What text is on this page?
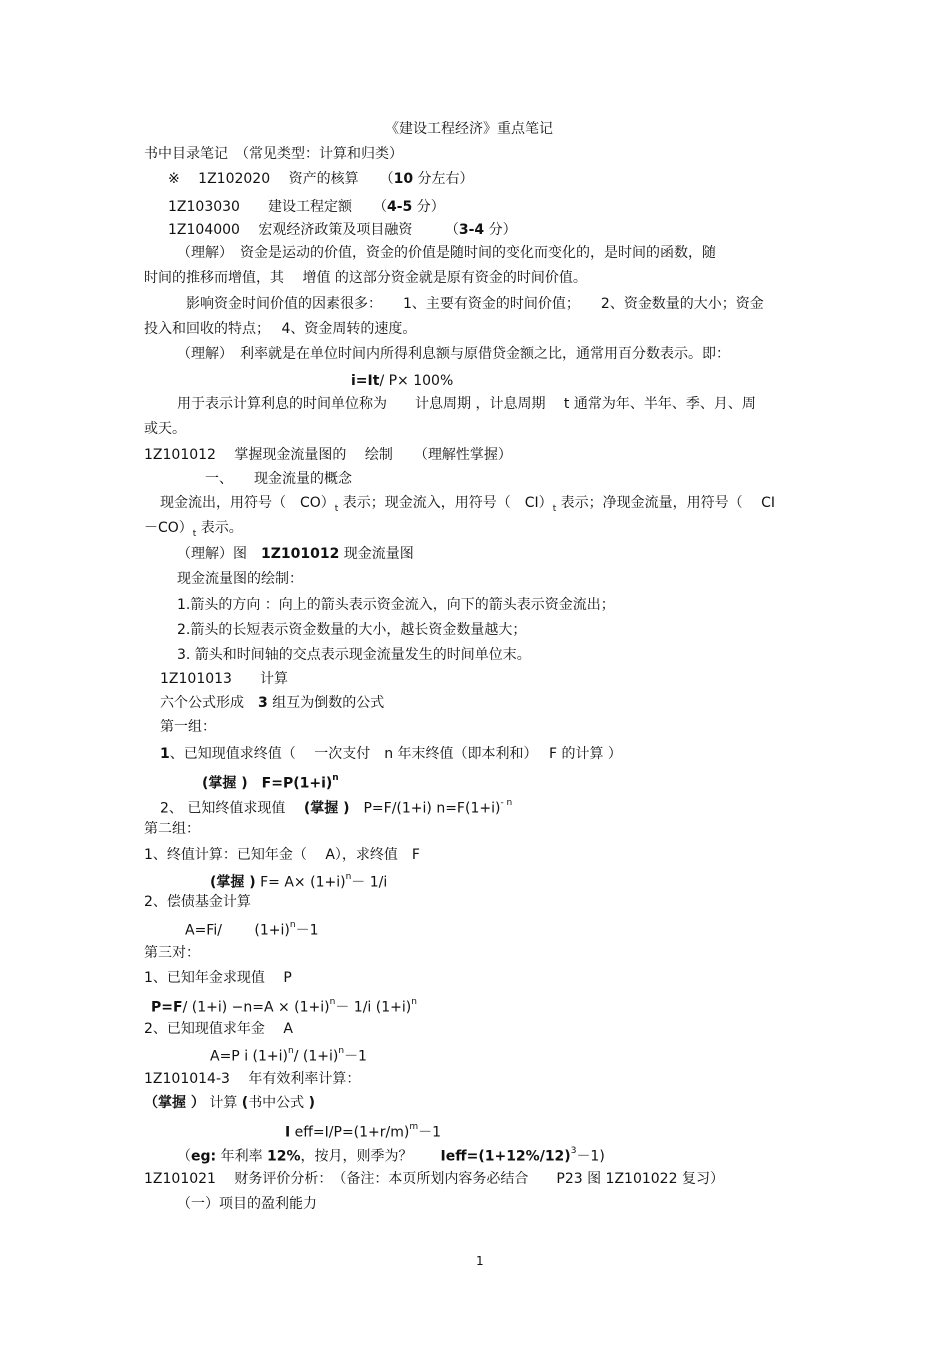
《建设工程经济》重点笔记
书中目录笔记　（常见类型：计算和归类）
※　 1Z102020　 资产的核算　　（10 分左右）
1Z103030　　建设工程定额　　（4-5 分）
1Z104000　 宏观经济政策及项目融资　　 （3-4 分）
（理解）　资金是运动的价值，资金的价值是随时间的变化而变化的，是时间的函数，随
时间的推移而增值，其　 增值 的这部分资金就是原有资金的时间价值。
影响资金时间价值的因素很多：　　1、主要有资金的时间价值；　　2、资金数量的大小；资金
投入和回收的特点；　 4、资金周转的速度。
（理解）　利率就是在单位时间内所得利息额与原借贷金额之比，通常用百分数表示。即：
i=It/ P× 100%
用于表示计算利息的时间单位称为　　计息周期 ，计息周期　 t 通常为年、半年、季、月、周
或天。
1Z101012　 掌握现金流量图的　 绘制　　（理解性掌握）
一、　　现金流量的概念
现金流出，用符号（　$CO)_t$ 表示；现金流入，用符号（　$CI)_t$ 表示；净现金流量，用符号（　 CI
$-CO)_t$ 表示。
（理解）图　1Z101012 现金流量图
现金流量图的绘制：
1.箭头的方向 ：向上的箭头表示资金流入，向下的箭头表示资金流出；
2.箭头的长短表示资金数量的大小，越长资金数量越大；
3. 箭头和时间轴的交点表示现金流量发生的时间单位末。
1Z101013　　计算
六个公式形成　3 组互为倒数的公式
第一组：
1、已知现值求终值（　 一次支付　n 年末终值（即本利和）　 F 的计算 ）
(掌握 )　$F=P(1+i)^n$
2、 已知终值求现值　 (掌握 )　P=F/(1+i) $n=F(1+i)^{- n}$
第二组：
1、终值计算：已知年金（　 A），求终值　F
(掌握 ) $F= A\times (1+i)^n- 1/i$
2、偿债基金计算
A=Fi/　　 $(1+i)^n-1$
第三对：
1、已知年金求现值　 P
P=F/ $(1+i) -n=A \times (1+i)^n- 1/i$ $(1+i)^n$
2、已知现值求年金　 A
A=P i $(1+i)^n/$ $(1+i)^n-1$
1Z101014-3　 年有效利率计算：
（掌握 ） 计算 (书中公式 )
I $eff=I/P=(1+r/m)^m-1$
（eg: 年利率 12%，按月，则季为？　　$Ieff=(1+12\%/12)^3-1$)
1Z101021　 财务评价分析：　（备注：本页所划内容务必结合　　P23 图 1Z101022 复习）
（一）项目的盈利能力
1
